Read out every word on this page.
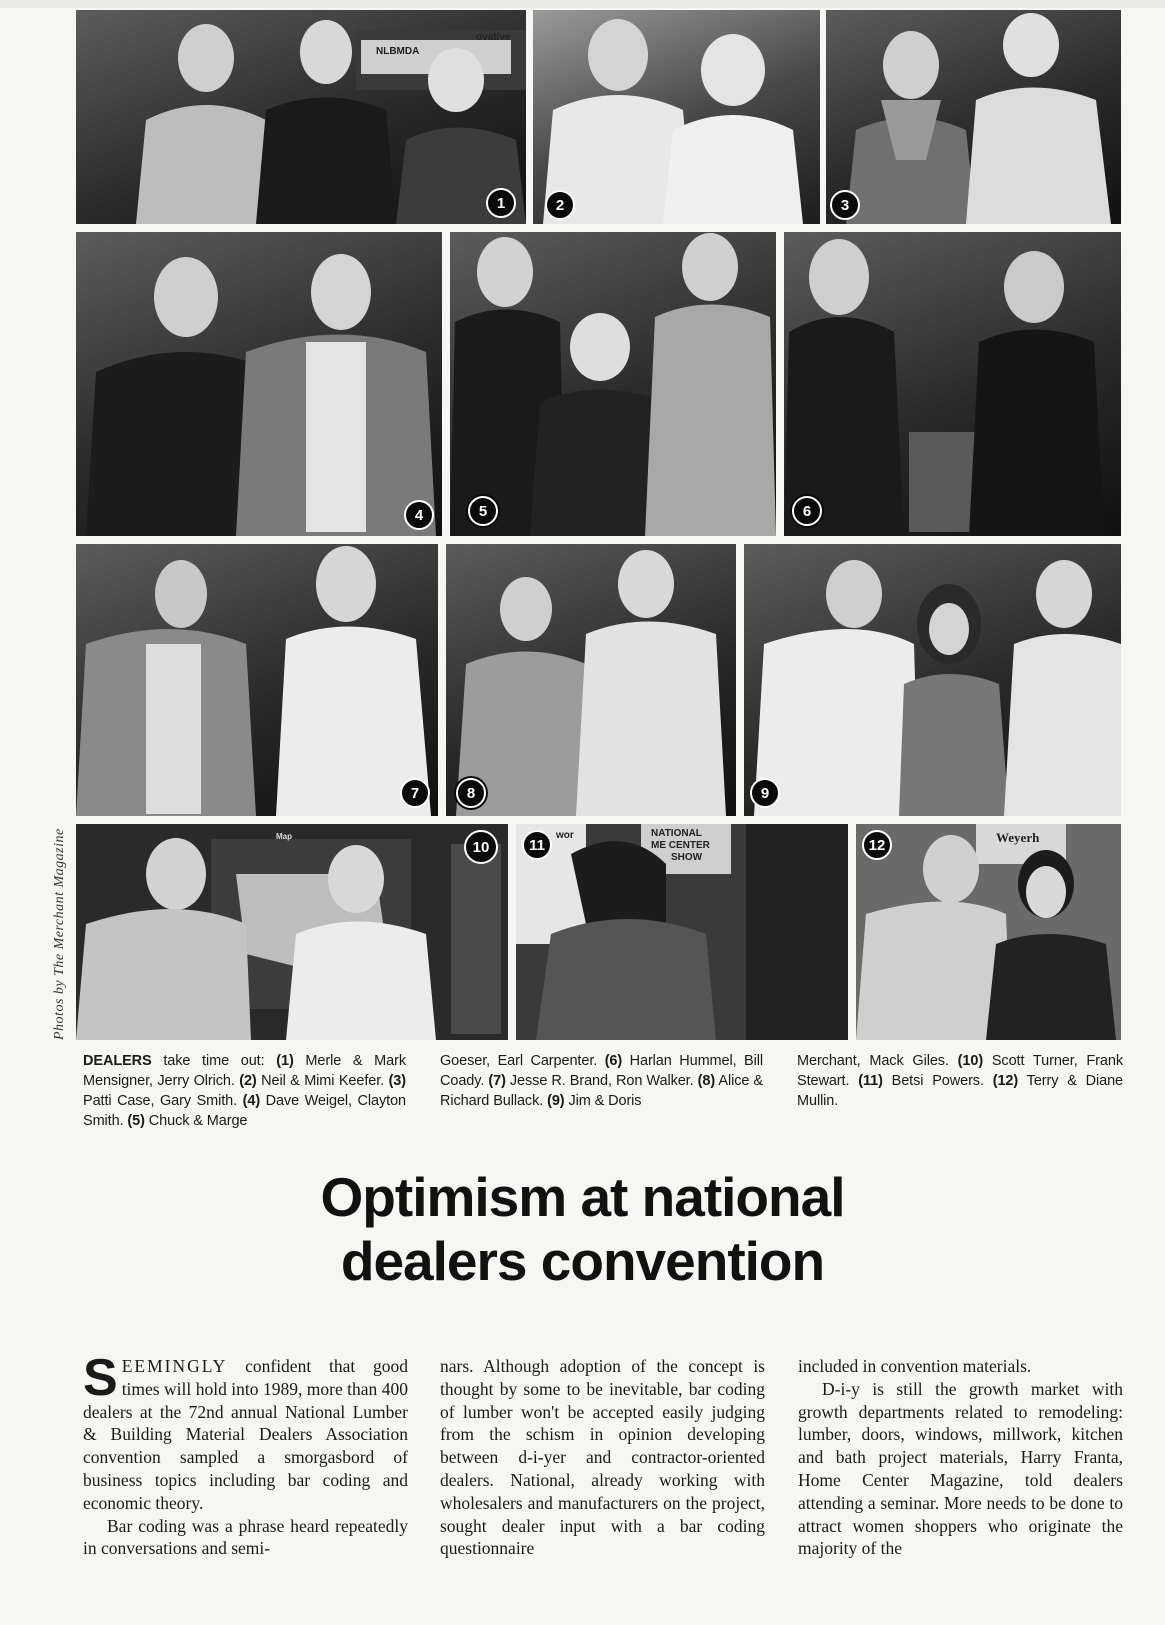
NLBMDA
ovative
1	2	3
4	5	6
7	8	9
Map
10
wor	NATIONAL
ME CENTER
SHOW
11	Weyerh
12
Photos by The Merchant Magazine
DEALERS take time out: (1) Merle & Mark Mensigner, Jerry Olrich. (2) Neil & Mimi Keefer. (3) Patti Case, Gary Smith. (4) Dave Weigel, Clayton Smith. (5) Chuck & Marge
Goeser, Earl Carpenter. (6) Harlan Hummel, Bill Coady. (7) Jesse R. Brand, Ron Walker. (8) Alice & Richard Bullack. (9) Jim & Doris
Merchant, Mack Giles. (10) Scott Turner, Frank Stewart. (11) Betsi Powers. (12) Terry & Diane Mullin.
Optimism at national
dealers convention

SEEMINGLY confident that good times will hold into 1989, more than 400 dealers at the 72nd annual National Lumber & Building Material Dealers Association convention sampled a smorgasbord of business topics including bar coding and economic theory.

Bar coding was a phrase heard repeatedly in conversations and semi-

nars. Although adoption of the concept is thought by some to be inevitable, bar coding of lumber won't be accepted easily judging from the schism in opinion developing between d-i-yer and contractor-oriented dealers. National, already working with wholesalers and manufacturers on the project, sought dealer input with a bar coding questionnaire

included in convention materials.

D-i-y is still the growth market with growth departments related to remodeling: lumber, doors, windows, millwork, kitchen and bath project materials, Harry Franta, Home Center Magazine, told dealers attending a seminar. More needs to be done to attract women shoppers who originate the majority of the
